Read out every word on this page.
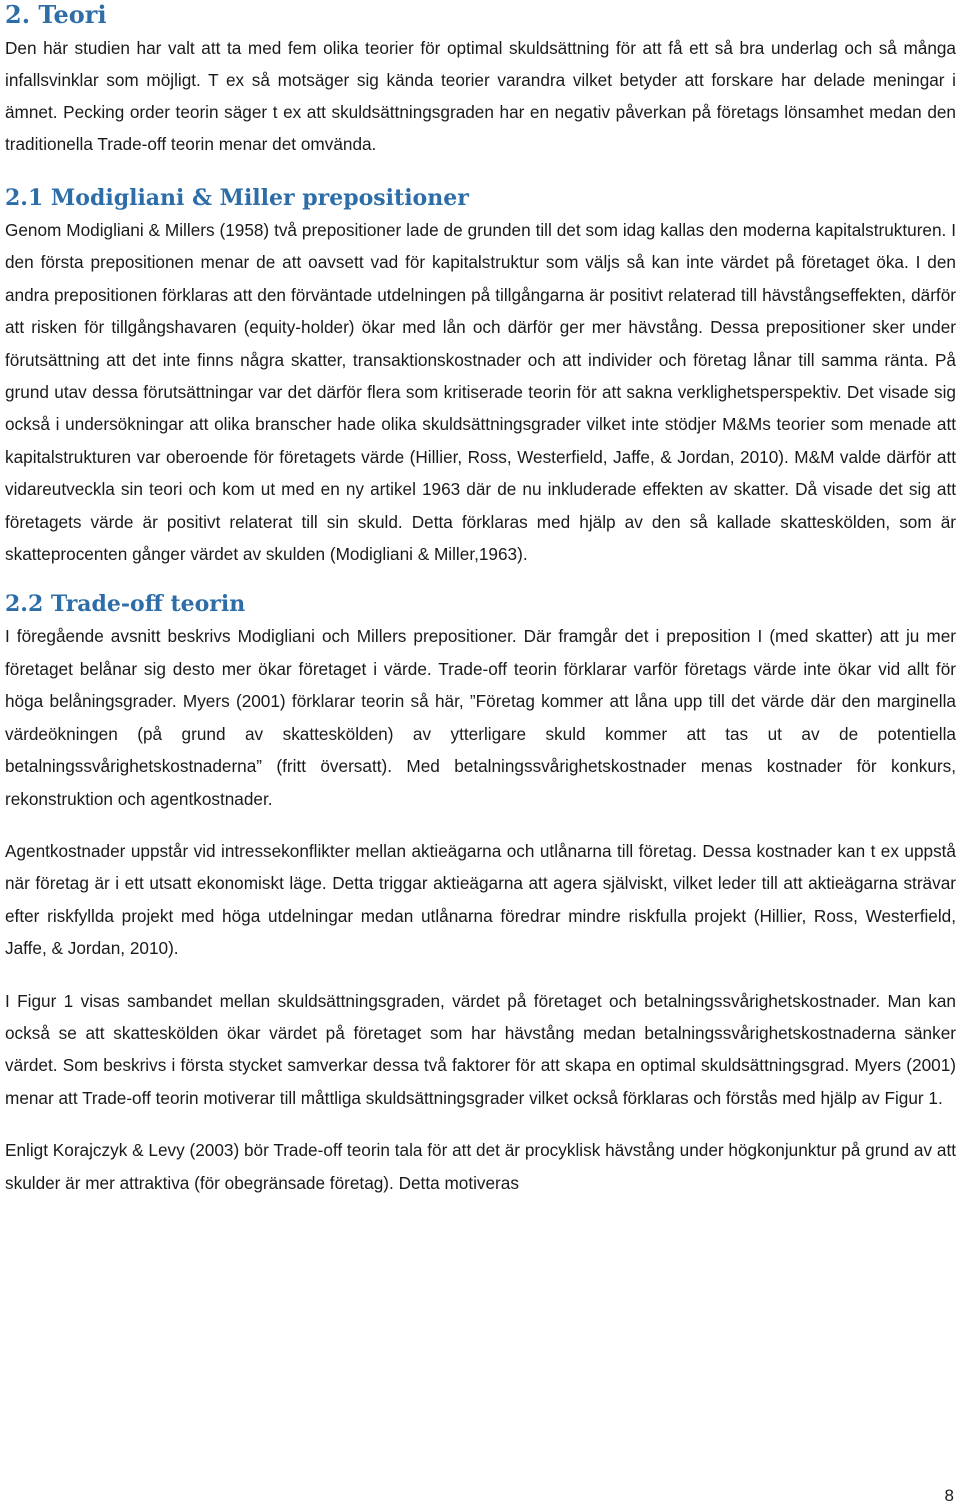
2. Teori

Den här studien har valt att ta med fem olika teorier för optimal skuldsättning för att få ett så bra underlag och så många infallsvinklar som möjligt. T ex så motsäger sig kända teorier varandra vilket betyder att forskare har delade meningar i ämnet. Pecking order teorin säger t ex att skuldsättningsgraden har en negativ påverkan på företags lönsamhet medan den traditionella Trade-off teorin menar det omvända.

2.1 Modigliani & Miller prepositioner

Genom Modigliani & Millers (1958) två prepositioner lade de grunden till det som idag kallas den moderna kapitalstrukturen. I den första prepositionen menar de att oavsett vad för kapitalstruktur som väljs så kan inte värdet på företaget öka. I den andra prepositionen förklaras att den förväntade utdelningen på tillgångarna är positivt relaterad till hävstångseffekten, därför att risken för tillgångshavaren (equity-holder) ökar med lån och därför ger mer hävstång. Dessa prepositioner sker under förutsättning att det inte finns några skatter, transaktionskostnader och att individer och företag lånar till samma ränta. På grund utav dessa förutsättningar var det därför flera som kritiserade teorin för att sakna verklighetsperspektiv. Det visade sig också i undersökningar att olika branscher hade olika skuldsättningsgrader vilket inte stödjer M&Ms teorier som menade att kapitalstrukturen var oberoende för företagets värde (Hillier, Ross, Westerfield, Jaffe, & Jordan, 2010). M&M valde därför att vidareutveckla sin teori och kom ut med en ny artikel 1963 där de nu inkluderade effekten av skatter. Då visade det sig att företagets värde är positivt relaterat till sin skuld. Detta förklaras med hjälp av den så kallade skatteskölden, som är skatteprocenten gånger värdet av skulden (Modigliani & Miller,1963).

2.2 Trade-off teorin

I föregående avsnitt beskrivs Modigliani och Millers prepositioner. Där framgår det i preposition I (med skatter) att ju mer företaget belånar sig desto mer ökar företaget i värde. Trade-off teorin förklarar varför företags värde inte ökar vid allt för höga belåningsgrader. Myers (2001) förklarar teorin så här, ”Företag kommer att låna upp till det värde där den marginella värdeökningen (på grund av skatteskölden) av ytterligare skuld kommer att tas ut av de potentiella betalningssvårighetskostnaderna” (fritt översatt). Med betalningssvårighetskostnader menas kostnader för konkurs, rekonstruktion och agentkostnader.

Agentkostnader uppstår vid intressekonflikter mellan aktieägarna och utlånarna till företag. Dessa kostnader kan t ex uppstå när företag är i ett utsatt ekonomiskt läge. Detta triggar aktieägarna att agera själviskt, vilket leder till att aktieägarna strävar efter riskfyllda projekt med höga utdelningar medan utlånarna föredrar mindre riskfulla projekt (Hillier, Ross, Westerfield, Jaffe, & Jordan, 2010).

I Figur 1 visas sambandet mellan skuldsättningsgraden, värdet på företaget och betalningssvårighetskostnader. Man kan också se att skatteskölden ökar värdet på företaget som har hävstång medan betalningssvårighetskostnaderna sänker värdet. Som beskrivs i första stycket samverkar dessa två faktorer för att skapa en optimal skuldsättningsgrad. Myers (2001) menar att Trade-off teorin motiverar till måttliga skuldsättningsgrader vilket också förklaras och förstås med hjälp av Figur 1.

Enligt Korajczyk & Levy (2003) bör Trade-off teorin tala för att det är procyklisk hävstång under högkonjunktur på grund av att skulder är mer attraktiva (för obegränsade företag). Detta motiveras

8
